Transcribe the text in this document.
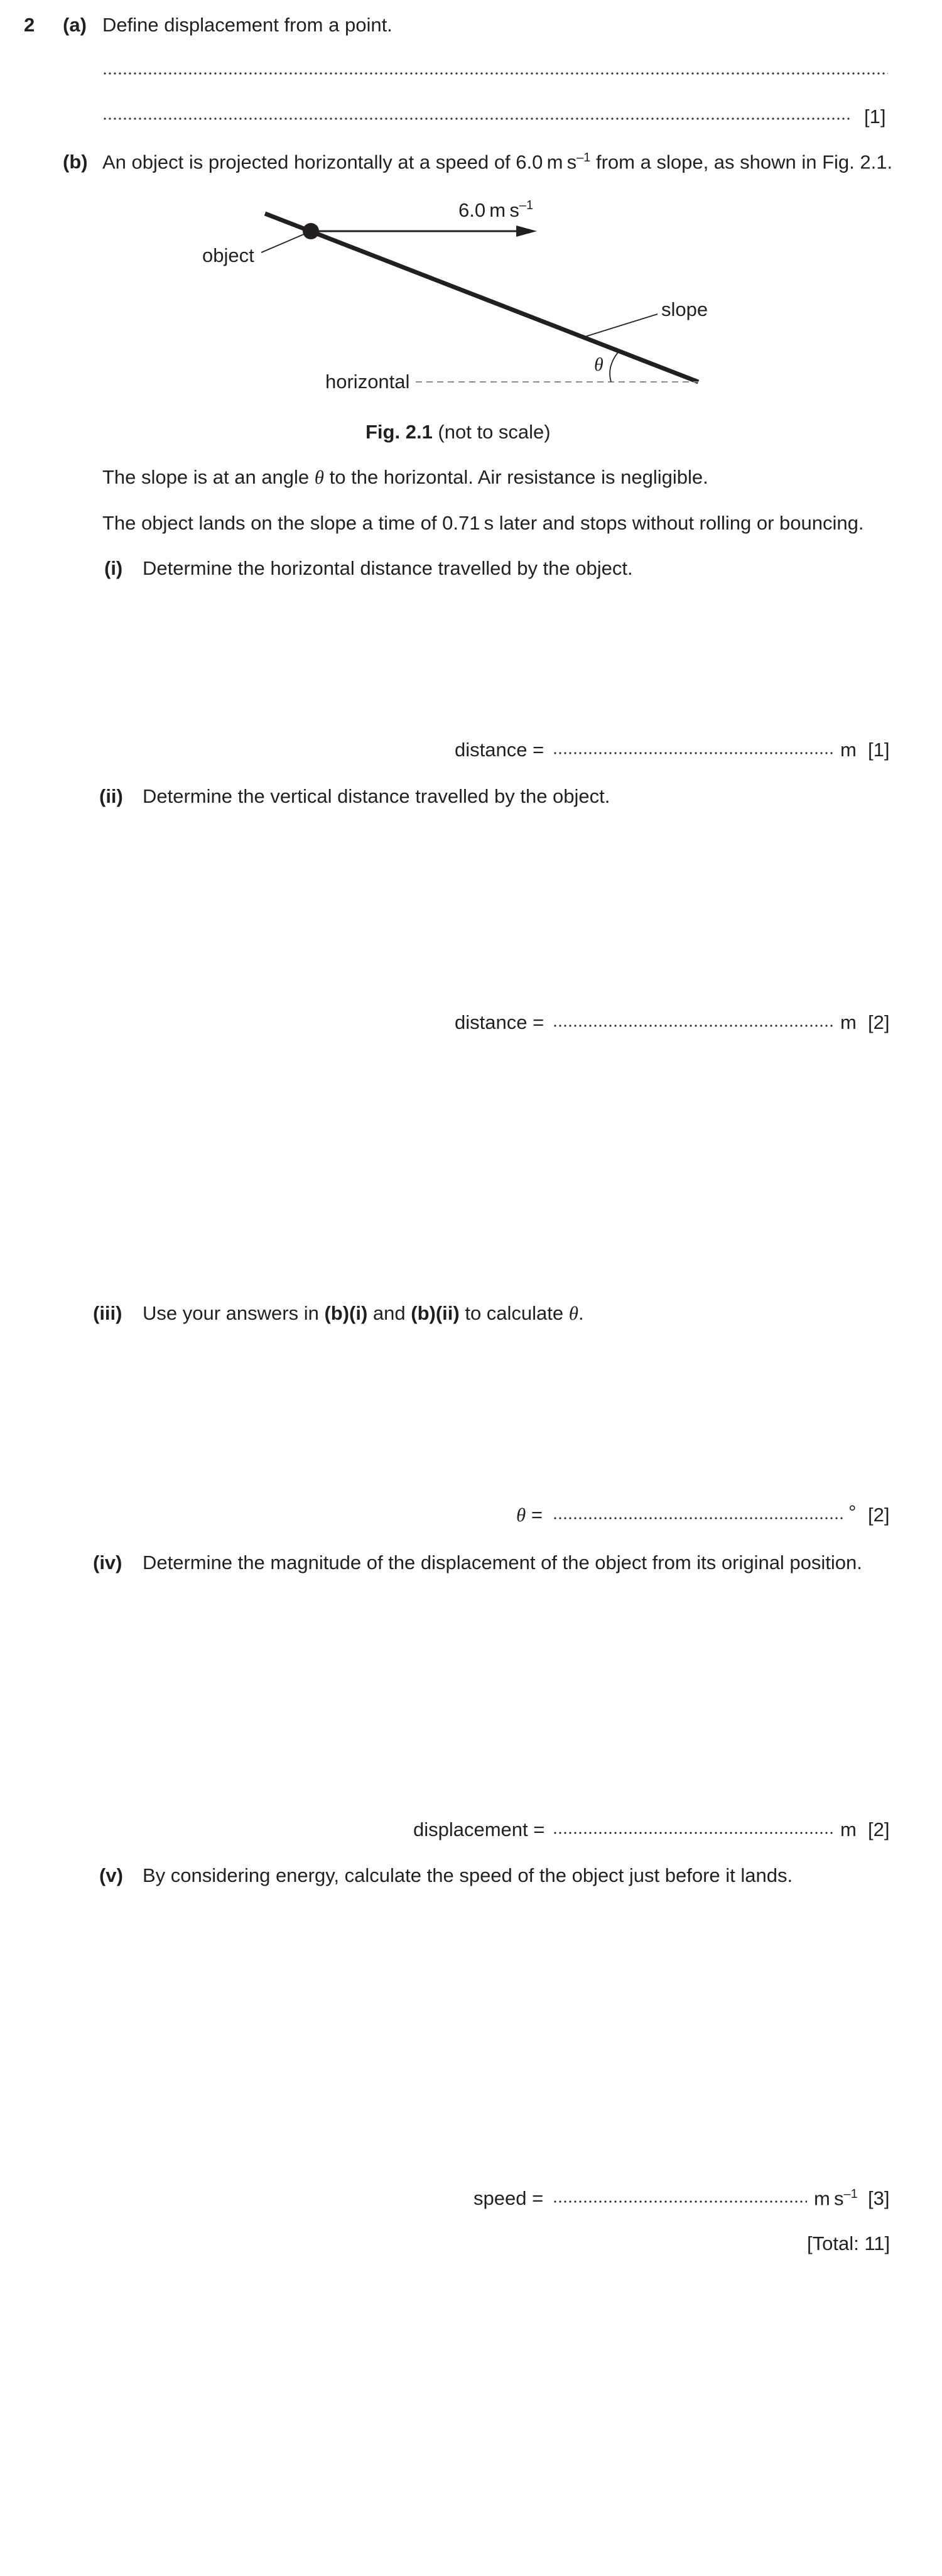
2 (a) Define displacement from a point.
[1]
(b) An object is projected horizontally at a speed of 6.0 m $s^{-1}$ from a slope, as shown in Fig. 2.1.
6.0 m $s^{-1}$
object
slope
horizontal
θ
Fig. 2.1 (not to scale)
The slope is at an angle θ to the horizontal. Air resistance is negligible.
The object lands on the slope a time of 0.71 s later and stops without rolling or bouncing.
(i) Determine the horizontal distance travelled by the object.
distance =	m [1]
(ii) Determine the vertical distance travelled by the object.
distance =	m [2]
(iii) Use your answers in (b)(i) and (b)(ii) to calculate θ.
θ =	° [2]
(iv) Determine the magnitude of the displacement of the object from its original position.
displacement =	m [2]
(v) By considering energy, calculate the speed of the object just before it lands.
speed =	m $s^{-1}$ [3]
[Total: 11]
